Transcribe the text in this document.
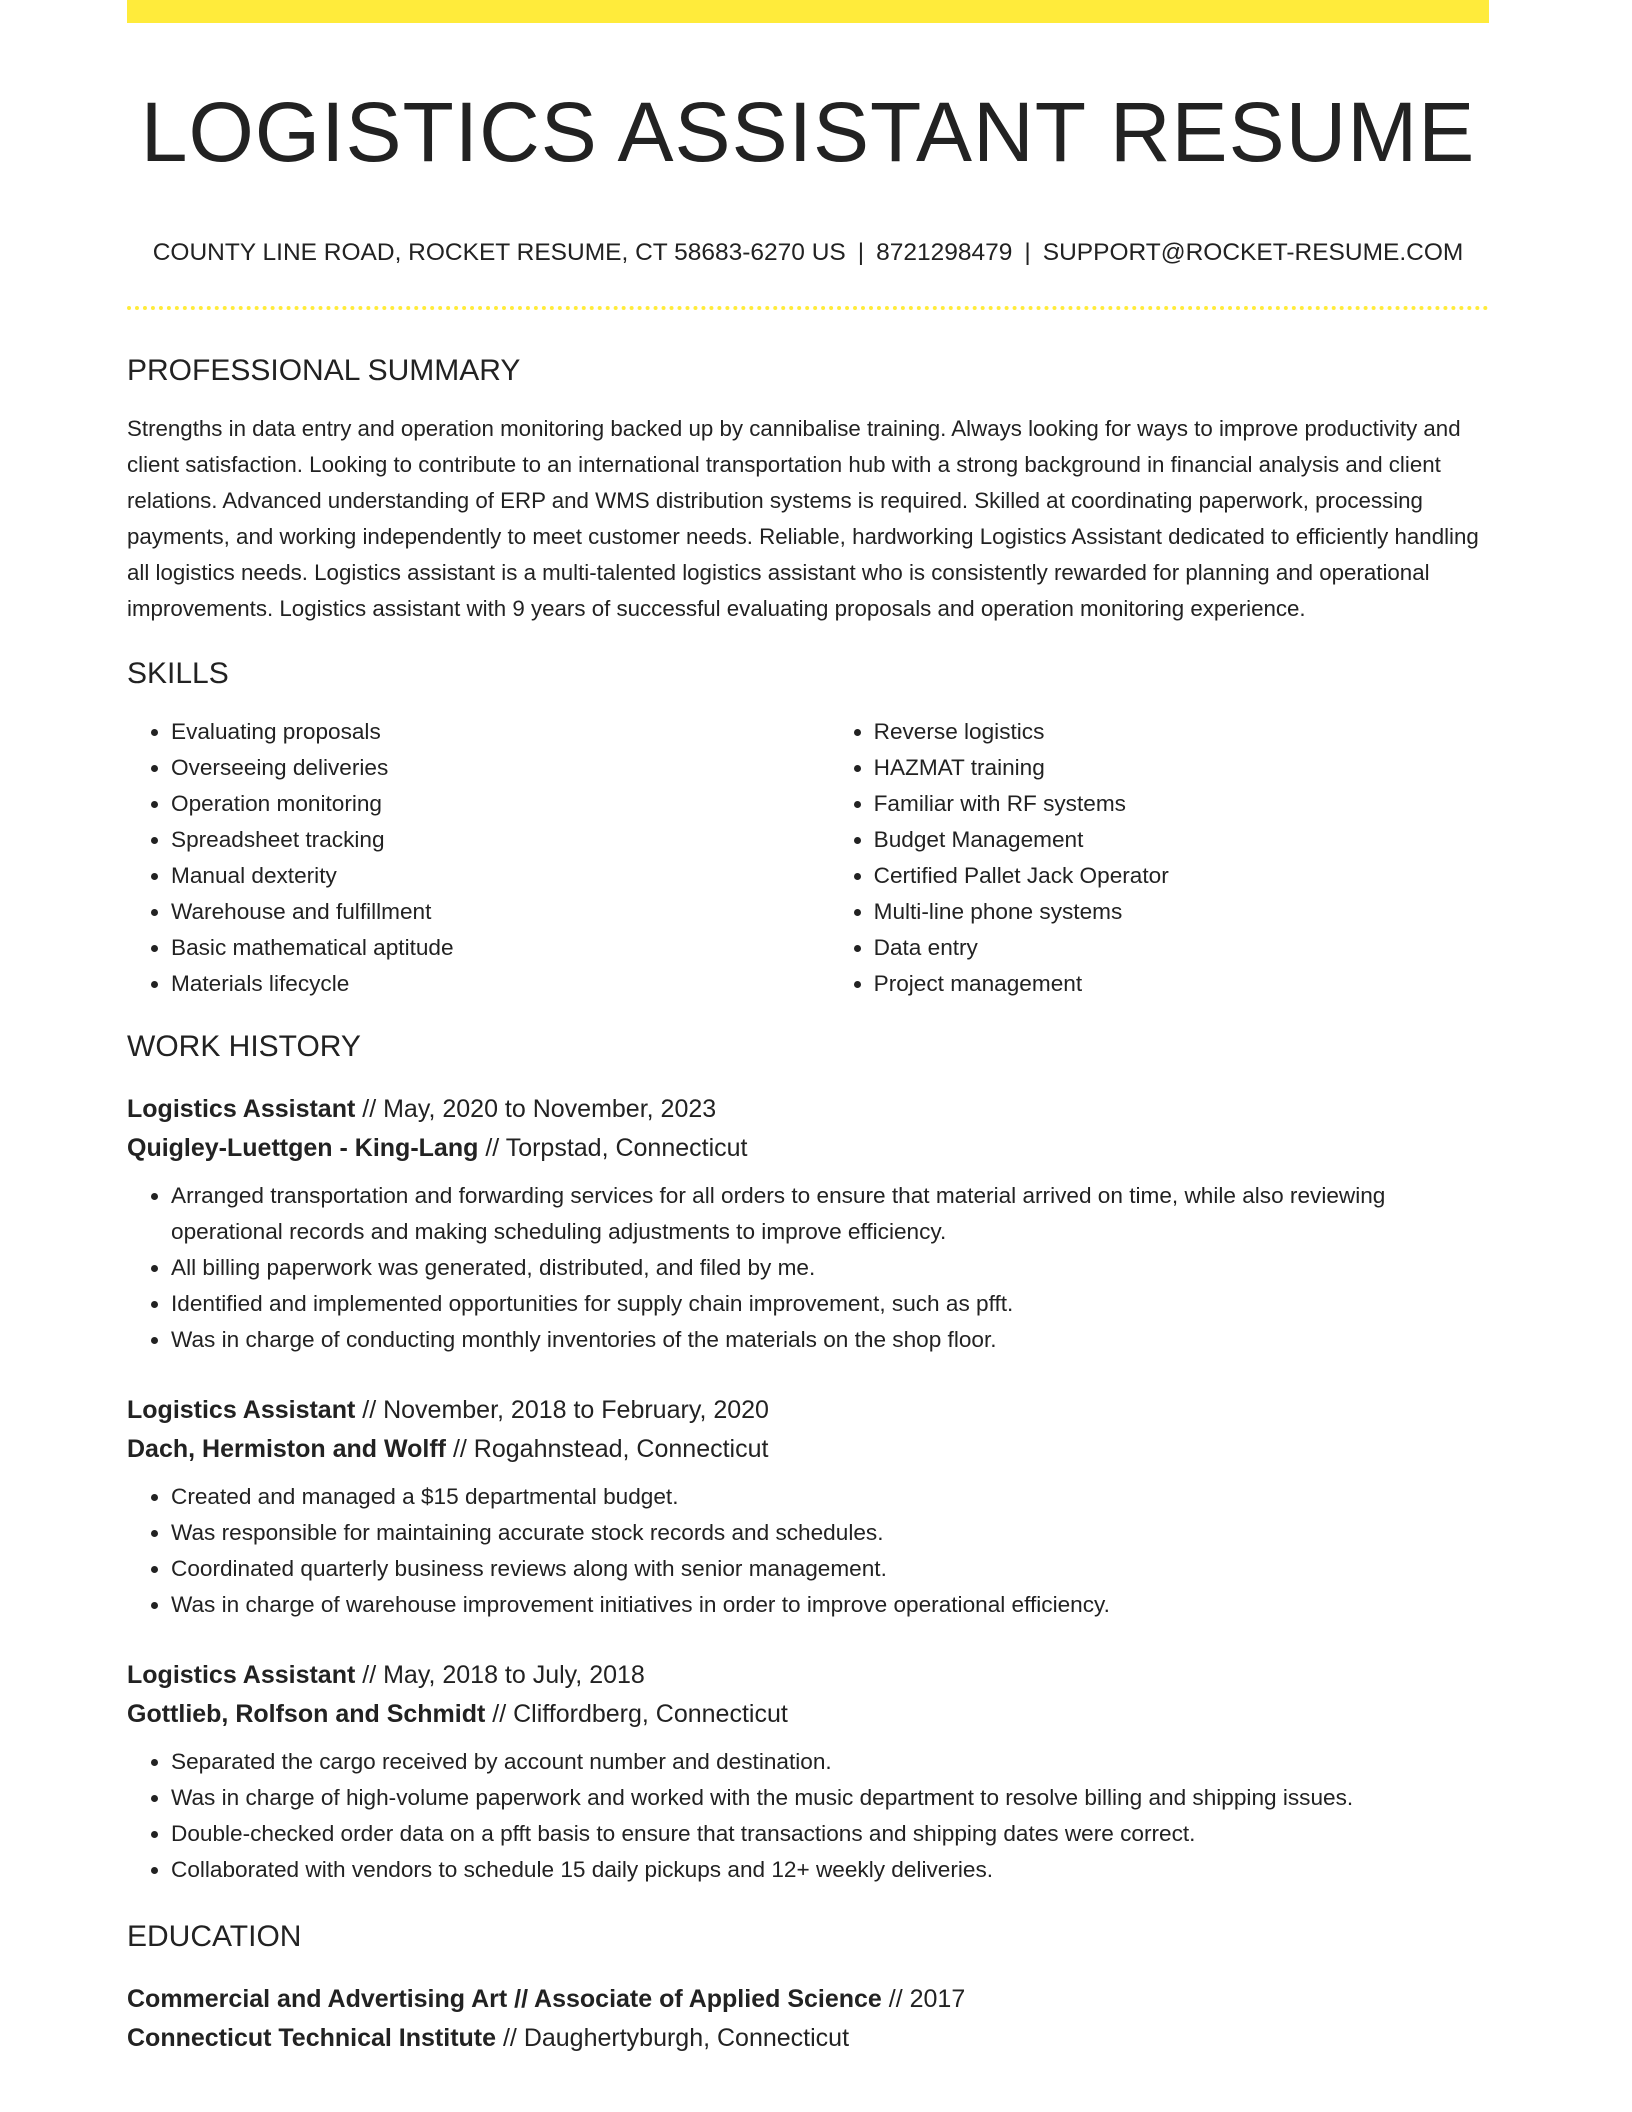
LOGISTICS ASSISTANT RESUME
COUNTY LINE ROAD, ROCKET RESUME, CT 58683-6270 US | 8721298479 | SUPPORT@ROCKET-RESUME.COM
PROFESSIONAL SUMMARY
Strengths in data entry and operation monitoring backed up by cannibalise training. Always looking for ways to improve productivity and client satisfaction. Looking to contribute to an international transportation hub with a strong background in financial analysis and client relations. Advanced understanding of ERP and WMS distribution systems is required. Skilled at coordinating paperwork, processing payments, and working independently to meet customer needs. Reliable, hardworking Logistics Assistant dedicated to efficiently handling all logistics needs. Logistics assistant is a multi-talented logistics assistant who is consistently rewarded for planning and operational improvements. Logistics assistant with 9 years of successful evaluating proposals and operation monitoring experience.
SKILLS
• Evaluating proposals
• Overseeing deliveries
• Operation monitoring
• Spreadsheet tracking
• Manual dexterity
• Warehouse and fulfillment
• Basic mathematical aptitude
• Materials lifecycle
• Reverse logistics
• HAZMAT training
• Familiar with RF systems
• Budget Management
• Certified Pallet Jack Operator
• Multi-line phone systems
• Data entry
• Project management
WORK HISTORY
Logistics Assistant // May, 2020 to November, 2023
Quigley-Luettgen - King-Lang // Torpstad, Connecticut
• Arranged transportation and forwarding services for all orders to ensure that material arrived on time, while also reviewing operational records and making scheduling adjustments to improve efficiency.
• All billing paperwork was generated, distributed, and filed by me.
• Identified and implemented opportunities for supply chain improvement, such as pfft.
• Was in charge of conducting monthly inventories of the materials on the shop floor.
Logistics Assistant // November, 2018 to February, 2020
Dach, Hermiston and Wolff // Rogahnstead, Connecticut
• Created and managed a $15 departmental budget.
• Was responsible for maintaining accurate stock records and schedules.
• Coordinated quarterly business reviews along with senior management.
• Was in charge of warehouse improvement initiatives in order to improve operational efficiency.
Logistics Assistant // May, 2018 to July, 2018
Gottlieb, Rolfson and Schmidt // Cliffordberg, Connecticut
• Separated the cargo received by account number and destination.
• Was in charge of high-volume paperwork and worked with the music department to resolve billing and shipping issues.
• Double-checked order data on a pfft basis to ensure that transactions and shipping dates were correct.
• Collaborated with vendors to schedule 15 daily pickups and 12+ weekly deliveries.
EDUCATION
Commercial and Advertising Art // Associate of Applied Science // 2017
Connecticut Technical Institute // Daughertyburgh, Connecticut
